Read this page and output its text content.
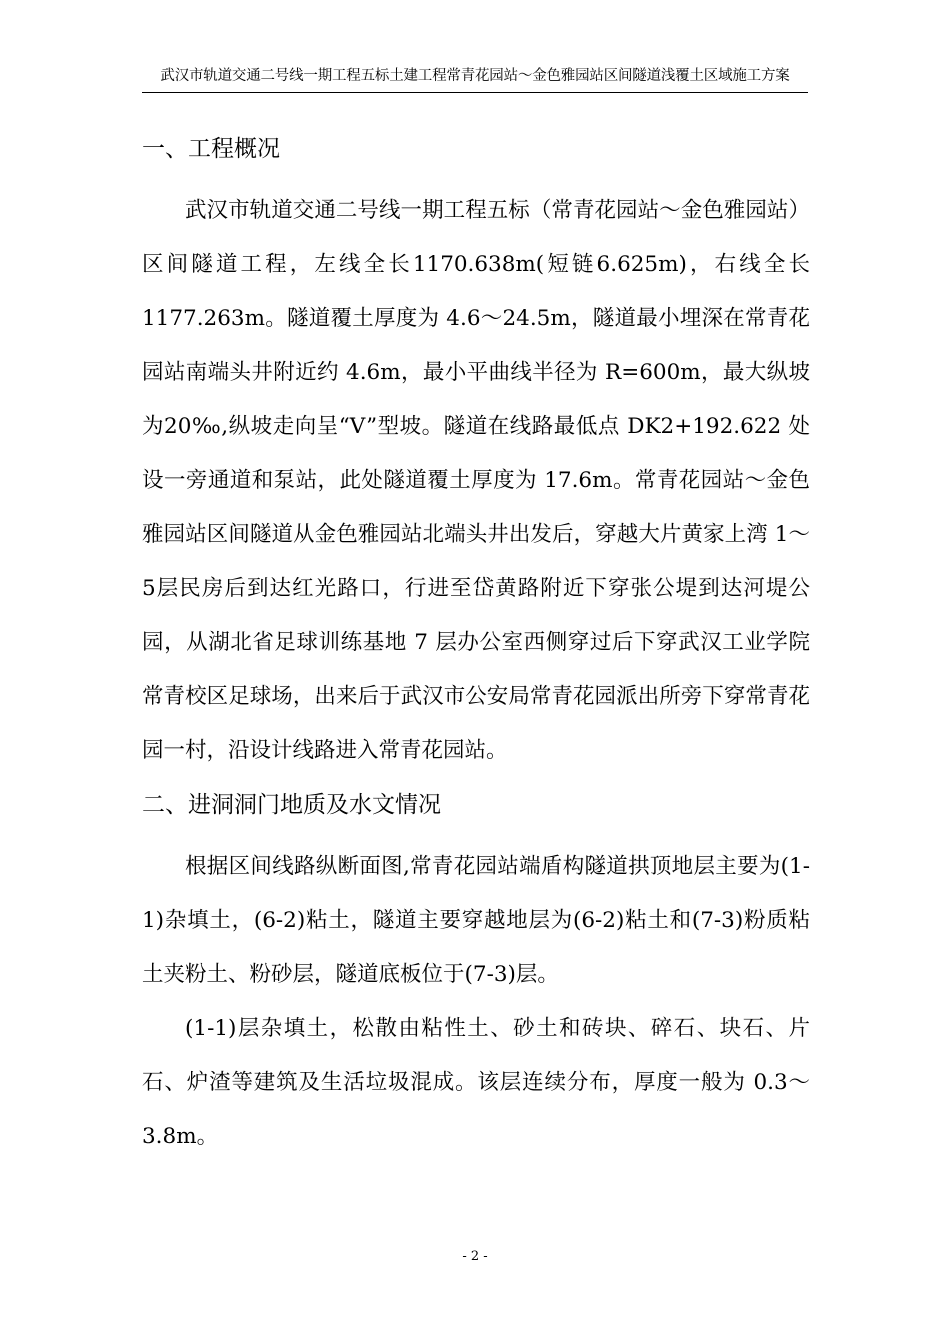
武汉市轨道交通二号线一期工程五标土建工程常青花园站～金色雅园站区间隧道浅覆土区域施工方案
一、工程概况

武汉市轨道交通二号线一期工程五标（常青花园站～金色雅园站）区间隧道工程，左线全长1170.638m(短链6.625m)，右线全长1177.263m。隧道覆土厚度为 4.6～24.5m，隧道最小埋深在常青花园站南端头井附近约 4.6m，最小平曲线半径为 R=600m，最大纵坡为20‰,纵坡走向呈“V”型坡。隧道在线路最低点 DK2+192.622 处设一旁通道和泵站，此处隧道覆土厚度为 17.6m。常青花园站～金色雅园站区间隧道从金色雅园站北端头井出发后，穿越大片黄家上湾 1～5层民房后到达红光路口，行进至岱黄路附近下穿张公堤到达河堤公园，从湖北省足球训练基地 7 层办公室西侧穿过后下穿武汉工业学院常青校区足球场，出来后于武汉市公安局常青花园派出所旁下穿常青花园一村，沿设计线路进入常青花园站。

二、进洞洞门地质及水文情况

根据区间线路纵断面图,常青花园站端盾构隧道拱顶地层主要为(1-1)杂填土，(6-2)粘土，隧道主要穿越地层为(6-2)粘土和(7-3)粉质粘土夹粉土、粉砂层，隧道底板位于(7-3)层。

(1-1)层杂填土，松散由粘性土、砂土和砖块、碎石、块石、片石、炉渣等建筑及生活垃圾混成。该层连续分布，厚度一般为 0.3～3.8m。

- 2 -
